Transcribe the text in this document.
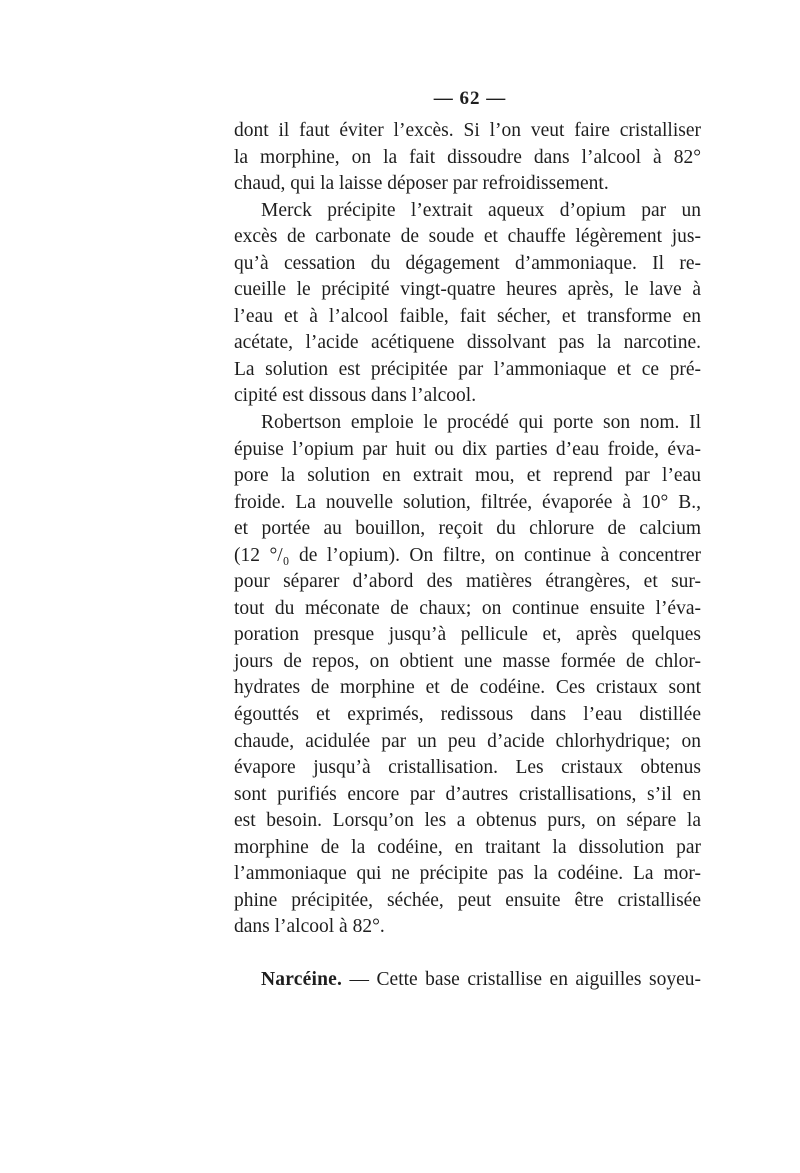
— 62 —
dont il faut éviter l’excès. Si l’on veut faire cristalliser
la morphine, on la fait dissoudre dans l’alcool à 82°
chaud, qui la laisse déposer par refroidissement.
Merck précipite l’extrait aqueux d’opium par un
excès de carbonate de soude et chauffe légèrement jus-
qu’à cessation du dégagement d’ammoniaque. Il re-
cueille le précipité vingt-quatre heures après, le lave à
l’eau et à l’alcool faible, fait sécher, et transforme en
acétate, l’acide acétiquene dissolvant pas la narcotine.
La solution est précipitée par l’ammoniaque et ce pré-
cipité est dissous dans l’alcool.
Robertson emploie le procédé qui porte son nom. Il
épuise l’opium par huit ou dix parties d’eau froide, éva-
pore la solution en extrait mou, et reprend par l’eau
froide. La nouvelle solution, filtrée, évaporée à 10° B.,
et portée au bouillon, reçoit du chlorure de calcium
(12 °/₀ de l’opium). On filtre, on continue à concentrer
pour séparer d’abord des matières étrangères, et sur-
tout du méconate de chaux; on continue ensuite l’éva-
poration presque jusqu’à pellicule et, après quelques
jours de repos, on obtient une masse formée de chlor-
hydrates de morphine et de codéine. Ces cristaux sont
égouttés et exprimés, redissous dans l’eau distillée
chaude, acidulée par un peu d’acide chlorhydrique; on
évapore jusqu’à cristallisation. Les cristaux obtenus
sont purifiés encore par d’autres cristallisations, s’il en
est besoin. Lorsqu’on les a obtenus purs, on sépare la
morphine de la codéine, en traitant la dissolution par
l’ammoniaque qui ne précipite pas la codéine. La mor-
phine précipitée, séchée, peut ensuite être cristallisée
dans l’alcool à 82°.
Narcéine. — Cette base cristallise en aiguilles soyeu-
